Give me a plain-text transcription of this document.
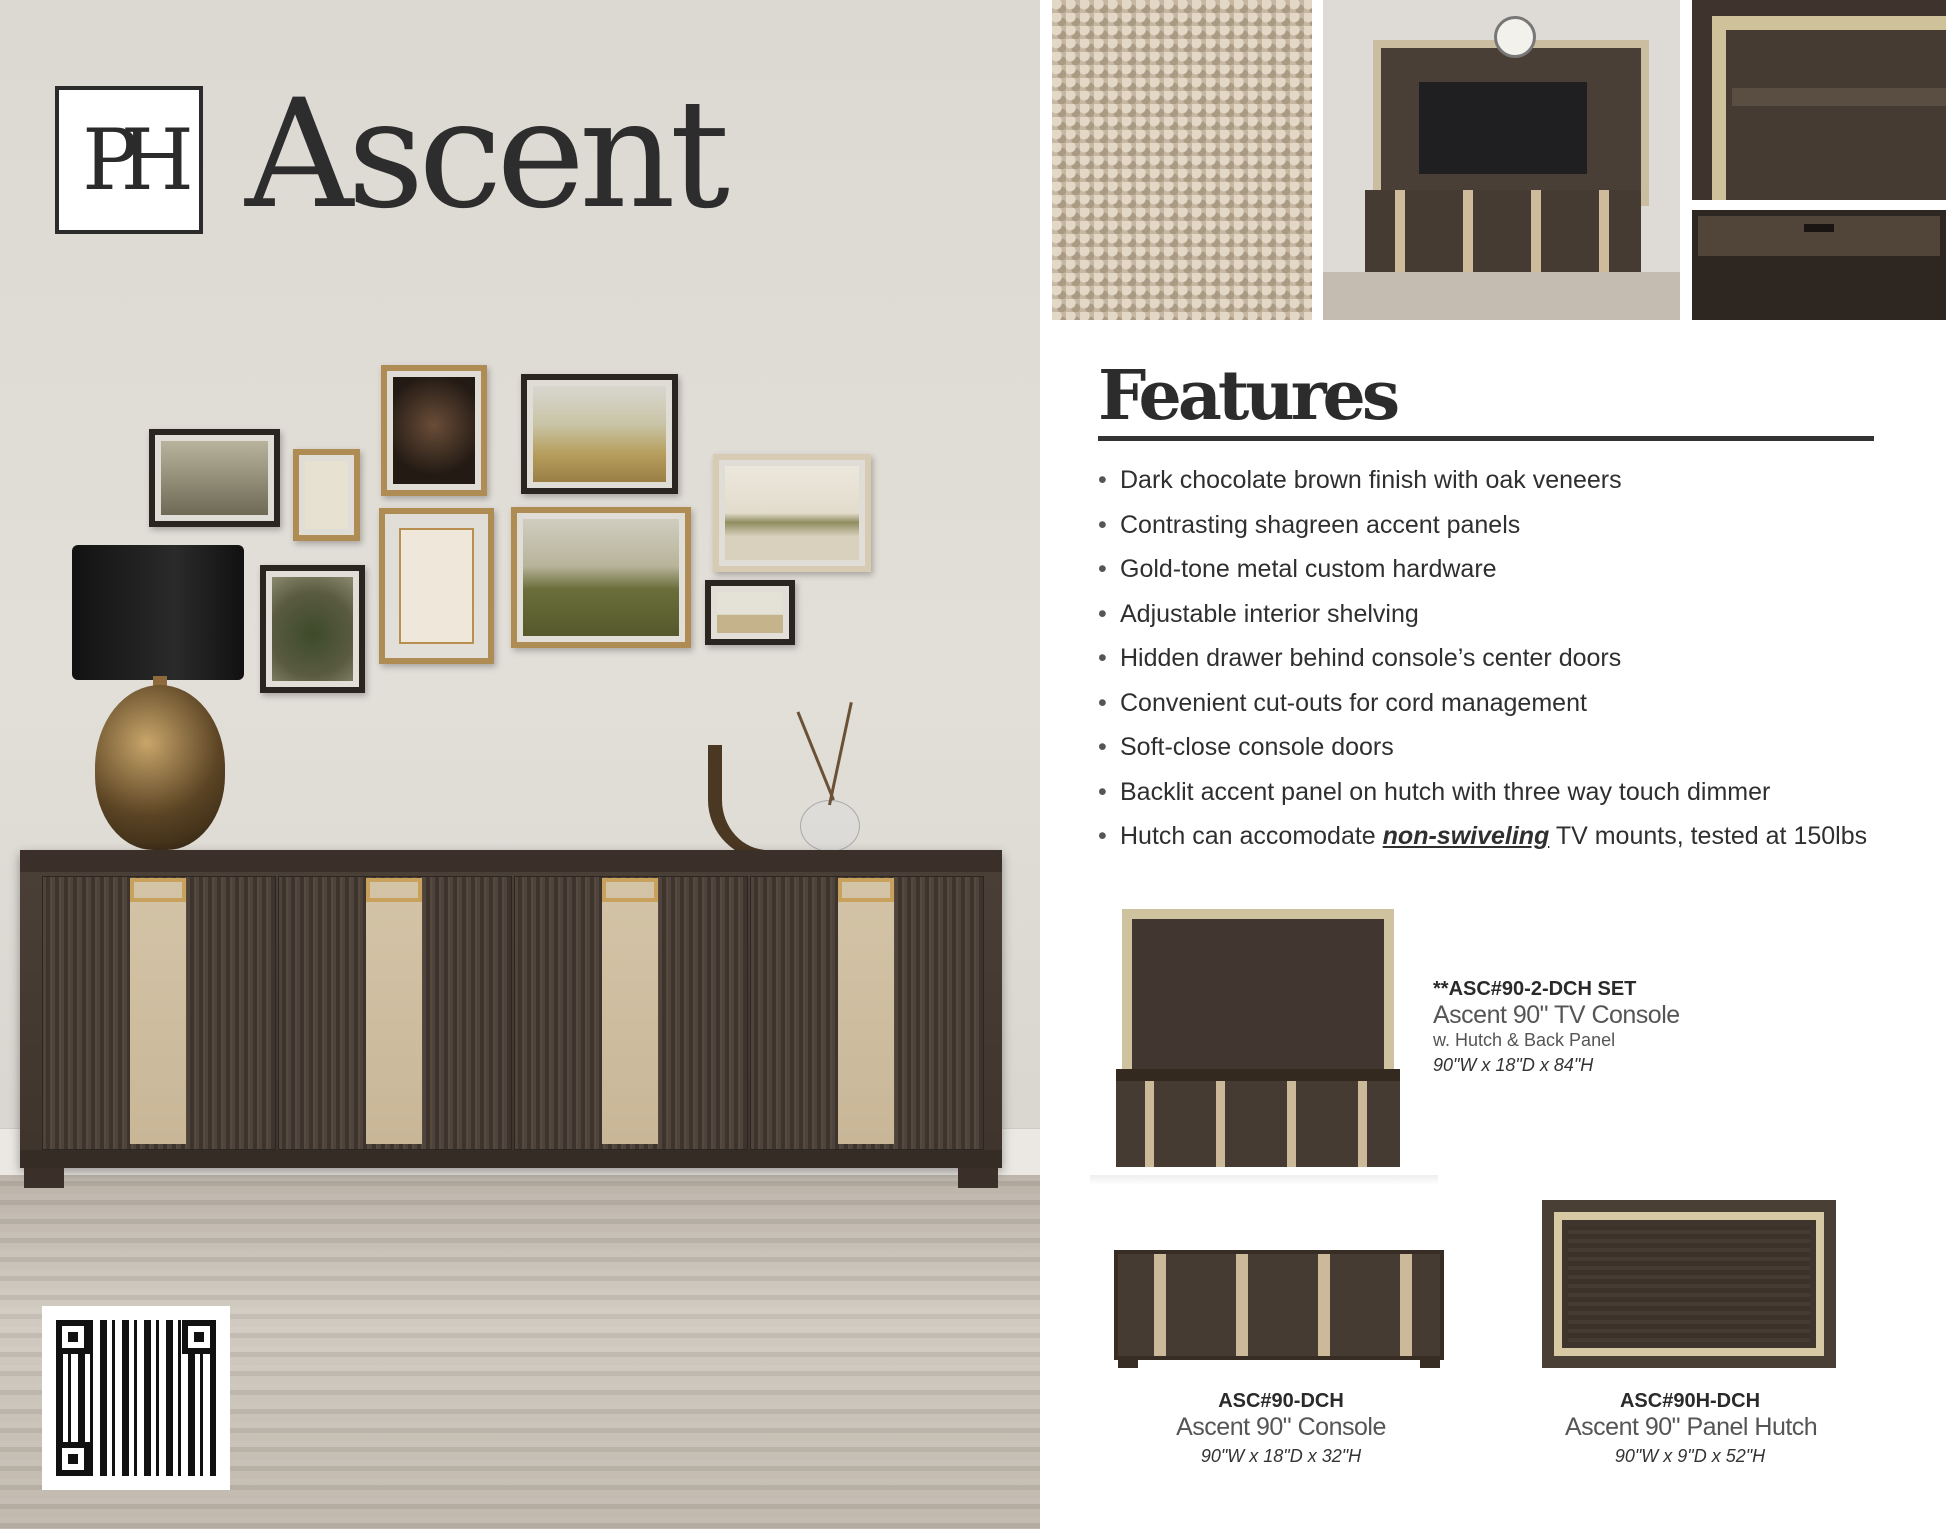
PH Ascent
Features
• Dark chocolate brown finish with oak veneers
• Contrasting shagreen accent panels
• Gold-tone metal custom hardware
• Adjustable interior shelving
• Hidden drawer behind console’s center doors
• Convenient cut-outs for cord management
• Soft-close console doors
• Backlit accent panel on hutch with three way touch dimmer
• Hutch can accomodate non-swiveling TV mounts, tested at 150lbs
**ASC#90-2-DCH SET
Ascent 90" TV Console
w. Hutch & Back Panel
90"W x 18"D x 84"H
ASC#90-DCH
Ascent 90" Console
90"W x 18"D x 32"H
ASC#90H-DCH
Ascent 90" Panel Hutch
90"W x 9"D x 52"H
